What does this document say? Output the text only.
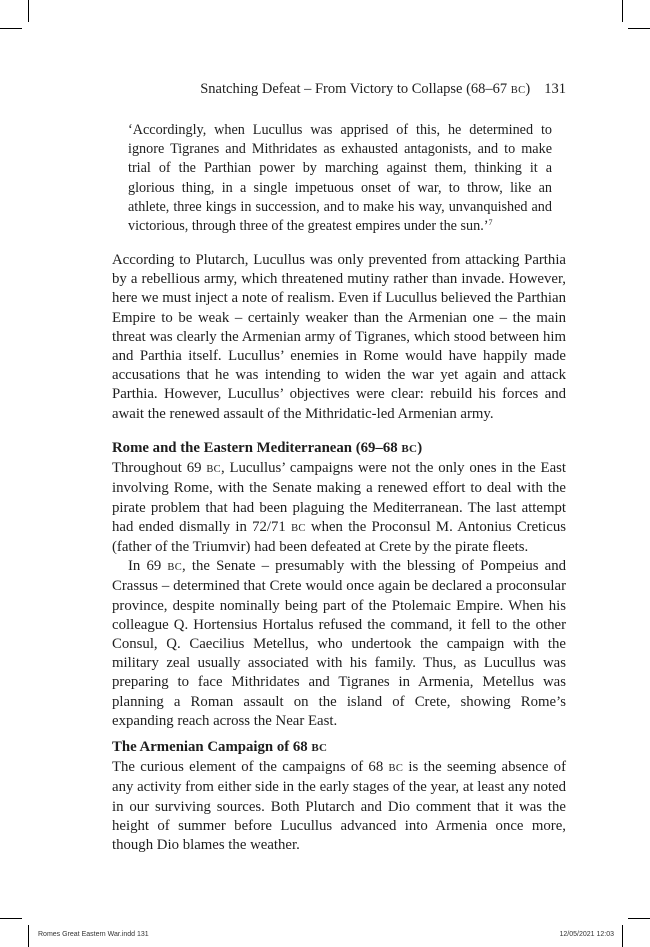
Snatching Defeat – From Victory to Collapse (68–67 BC) 131

‘Accordingly, when Lucullus was apprised of this, he determined to ignore Tigranes and Mithridates as exhausted antagonists, and to make trial of the Parthian power by marching against them, thinking it a glorious thing, in a single impetuous onset of war, to throw, like an athlete, three kings in succession, and to make his way, unvanquished and victorious, through three of the greatest empires under the sun.’$^7$

According to Plutarch, Lucullus was only prevented from attacking Parthia by a rebellious army, which threatened mutiny rather than invade. However, here we must inject a note of realism. Even if Lucullus believed the Parthian Empire to be weak – certainly weaker than the Armenian one – the main threat was clearly the Armenian army of Tigranes, which stood between him and Parthia itself. Lucullus’ enemies in Rome would have happily made accusations that he was intending to widen the war yet again and attack Parthia. However, Lucullus’ objectives were clear: rebuild his forces and await the renewed assault of the Mithridatic-led Armenian army.

Rome and the Eastern Mediterranean (69–68 BC)

Throughout 69 BC, Lucullus’ campaigns were not the only ones in the East involving Rome, with the Senate making a renewed effort to deal with the pirate problem that had been plaguing the Mediterranean. The last attempt had ended dismally in 72/71 BC when the Proconsul M. Antonius Creticus (father of the Triumvir) had been defeated at Crete by the pirate fleets.

In 69 BC, the Senate – presumably with the blessing of Pompeius and Crassus – determined that Crete would once again be declared a proconsular province, despite nominally being part of the Ptolemaic Empire. When his colleague Q. Hortensius Hortalus refused the command, it fell to the other Consul, Q. Caecilius Metellus, who undertook the campaign with the military zeal usually associated with his family. Thus, as Lucullus was preparing to face Mithridates and Tigranes in Armenia, Metellus was planning a Roman assault on the island of Crete, showing Rome’s expanding reach across the Near East.

The Armenian Campaign of 68 BC

The curious element of the campaigns of 68 BC is the seeming absence of any activity from either side in the early stages of the year, at least any noted in our surviving sources. Both Plutarch and Dio comment that it was the height of summer before Lucullus advanced into Armenia once more, though Dio blames the weather.

Romes Great Eastern War.indd 131	12/05/2021 12:03
